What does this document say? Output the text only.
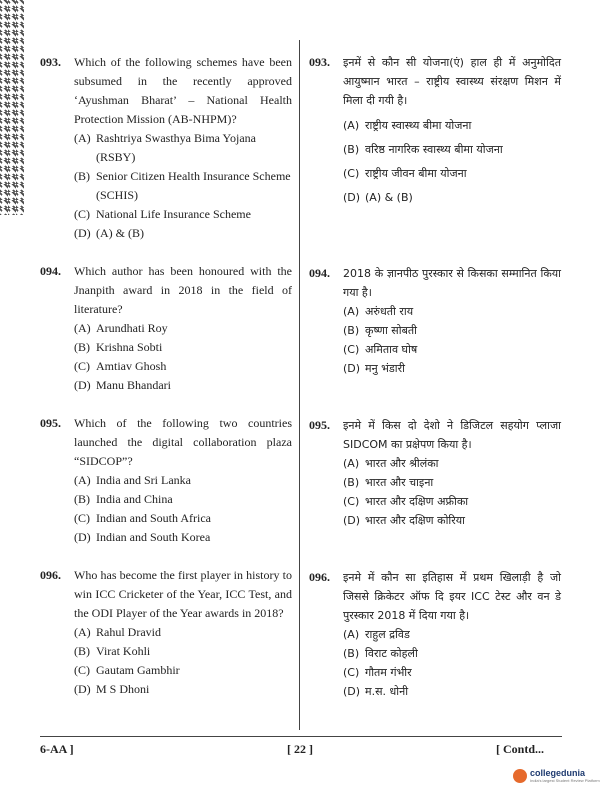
093.	Which of the following schemes have been subsumed in the recently approved ‘Ayushman Bharat’ – National Health Protection Mission (AB-NHPM)?
(A) Rashtriya Swasthya Bima Yojana (RSBY)
(B) Senior Citizen Health Insurance Scheme (SCHIS)
(C) National Life Insurance Scheme
(D) (A) & (B)
094.	Which author has been honoured with the Jnanpith award in 2018 in the field of literature?
(A) Arundhati Roy
(B) Krishna Sobti
(C) Amtiav Ghosh
(D) Manu Bhandari
095.	Which of the following two countries launched the digital collaboration plaza “SIDCOP”?
(A) India and Sri Lanka
(B) India and China
(C) Indian and South Africa
(D) Indian and South Korea
096.	Who has become the first player in history to win ICC Cricketer of the Year, ICC Test, and the ODI Player of the Year awards in 2018?
(A) Rahul Dravid
(B) Virat Kohli
(C) Gautam Gambhir
(D) M S Dhoni
093.	इनमें से कौन सी योजना(एं) हाल ही में अनुमोदित आयुष्मान भारत – राष्ट्रीय स्वास्थ्य संरक्षण मिशन में मिला दी गयी है।
(A) राष्ट्रीय स्वास्थ्य बीमा योजना
(B) वरिष्ठ नागरिक स्वास्थ्य बीमा योजना
(C) राष्ट्रीय जीवन बीमा योजना
(D) (A) & (B)
094.	2018 के ज्ञानपीठ पुरस्कार से किसका सम्मानित किया गया है।
(A) अरुंधती राय
(B) कृष्णा सोबती
(C) अमिताव घोष
(D) मनु भंडारी
095.	इनमे में किस दो देशो ने डिजिटल सहयोग प्लाजा SIDCOM का प्रक्षेपण किया है।
(A) भारत और श्रीलंका
(B) भारत और चाइना
(C) भारत और दक्षिण अफ्रीका
(D) भारत और दक्षिण कोरिया
096.	इनमे में कौन सा इतिहास में प्रथम खिलाड़ी है जो जिससे क्रिकेटर ऑफ दि इयर ICC टेस्ट और वन डे पुरस्कार 2018 में दिया गया है।
(A) राहुल द्रविड
(B) विराट कोहली
(C) गौतम गंभीर
(D) म.स. धोनी
6-AA ]	[ 22 ]	[ Contd...
collegedunia
India's largest Student Review Platform
